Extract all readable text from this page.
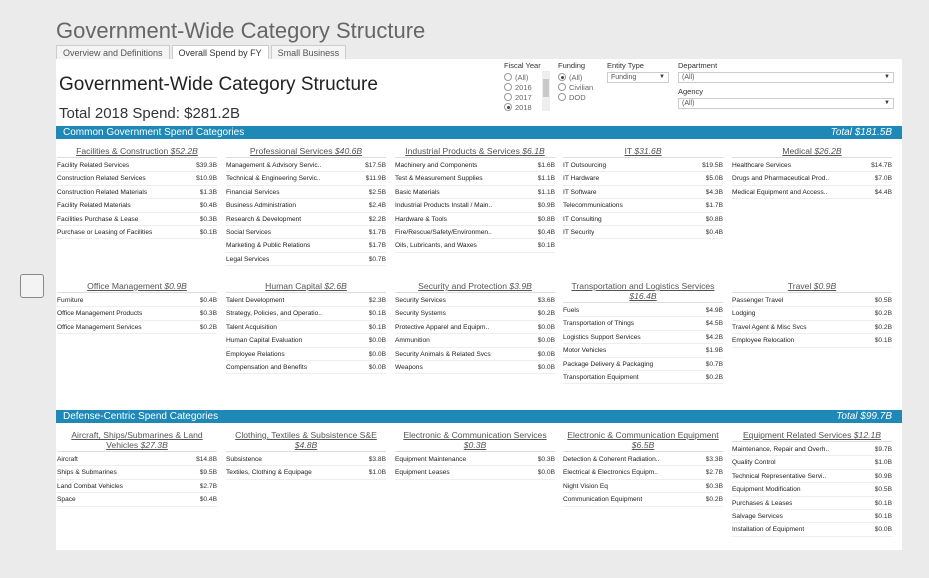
Government-Wide Category Structure
Overview and Definitions	Overall Spend by FY	Small Business
Government-Wide Category Structure
Total 2018 Spend: $281.2B
Fiscal Year
(All)
2016
2017
2018
Funding
(All)
Civilian
DOD
Entity Type
Funding	▼
Department
(All)	▼
Agency
(All)	▼
Common Government Spend Categories	Total $181.5B
Defense-Centric Spend Categories	Total $99.7B
Facilities & Construction $52.2B
Facility Related Services	$39.3B
Construction Related Services	$10.9B
Construction Related Materials	$1.3B
Facility Related Materials	$0.4B
Facilities Purchase & Lease	$0.3B
Purchase or Leasing of Facilities	$0.1B
Professional Services $40.6B
Management & Advisory Servic..	$17.5B
Technical & Engineering Servic..	$11.9B
Financial Services	$2.5B
Business Administration	$2.4B
Research & Development	$2.2B
Social Services	$1.7B
Marketing & Public Relations	$1.7B
Legal Services	$0.7B
Industrial Products & Services $6.1B
Machinery and Components	$1.6B
Test & Measurement Supplies	$1.1B
Basic Materials	$1.1B
Industrial Products Install / Main..	$0.9B
Hardware & Tools	$0.8B
Fire/Rescue/Safety/Environmen..	$0.4B
Oils, Lubricants, and Waxes	$0.1B
IT $31.6B
IT Outsourcing	$19.5B
IT Hardware	$5.0B
IT Software	$4.3B
Telecommunications	$1.7B
IT Consulting	$0.8B
IT Security	$0.4B
Medical $26.2B
Healthcare Services	$14.7B
Drugs and Pharmaceutical Prod..	$7.0B
Medical Equipment and Access..	$4.4B
Office Management $0.9B
Furniture	$0.4B
Office Management Products	$0.3B
Office Management Services	$0.2B
Human Capital $2.6B
Talent Development	$2.3B
Strategy, Policies, and Operatio..	$0.1B
Talent Acquisition	$0.1B
Human Capital Evaluation	$0.0B
Employee Relations	$0.0B
Compensation and Benefits	$0.0B
Security and Protection $3.9B
Security Services	$3.6B
Security Systems	$0.2B
Protective Apparel and Equipm..	$0.0B
Ammunition	$0.0B
Security Animals & Related Svcs	$0.0B
Weapons	$0.0B
Transportation and Logistics Services $16.4B
Fuels	$4.9B
Transportation of Things	$4.5B
Logistics Support Services	$4.2B
Motor Vehicles	$1.9B
Package Delivery & Packaging	$0.7B
Transportation Equipment	$0.2B
Travel $0.9B
Passenger Travel	$0.5B
Lodging	$0.2B
Travel Agent & Misc Svcs	$0.2B
Employee Relocation	$0.1B
Aircraft, Ships/Submarines & Land Vehicles $27.3B
Aircraft	$14.8B
Ships & Submarines	$9.5B
Land Combat Vehicles	$2.7B
Space	$0.4B
Clothing, Textiles & Subsistence S&E $4.8B
Subsistence	$3.8B
Textiles, Clothing & Equipage	$1.0B
Electronic & Communication Services $0.3B
Equipment Maintenance	$0.3B
Equipment Leases	$0.0B
Electronic & Communication Equipment $6.5B
Detection & Coherent Radiation..	$3.3B
Electrical & Electronics Equipm..	$2.7B
Night Vision Eq	$0.3B
Communication Equipment	$0.2B
Equipment Related Services $12.1B
Maintenance, Repair and Overh..	$9.7B
Quality Control	$1.0B
Technical Representative Servi..	$0.9B
Equipment Modification	$0.5B
Purchases & Leases	$0.1B
Salvage Services	$0.1B
Installation of Equipment	$0.0B
